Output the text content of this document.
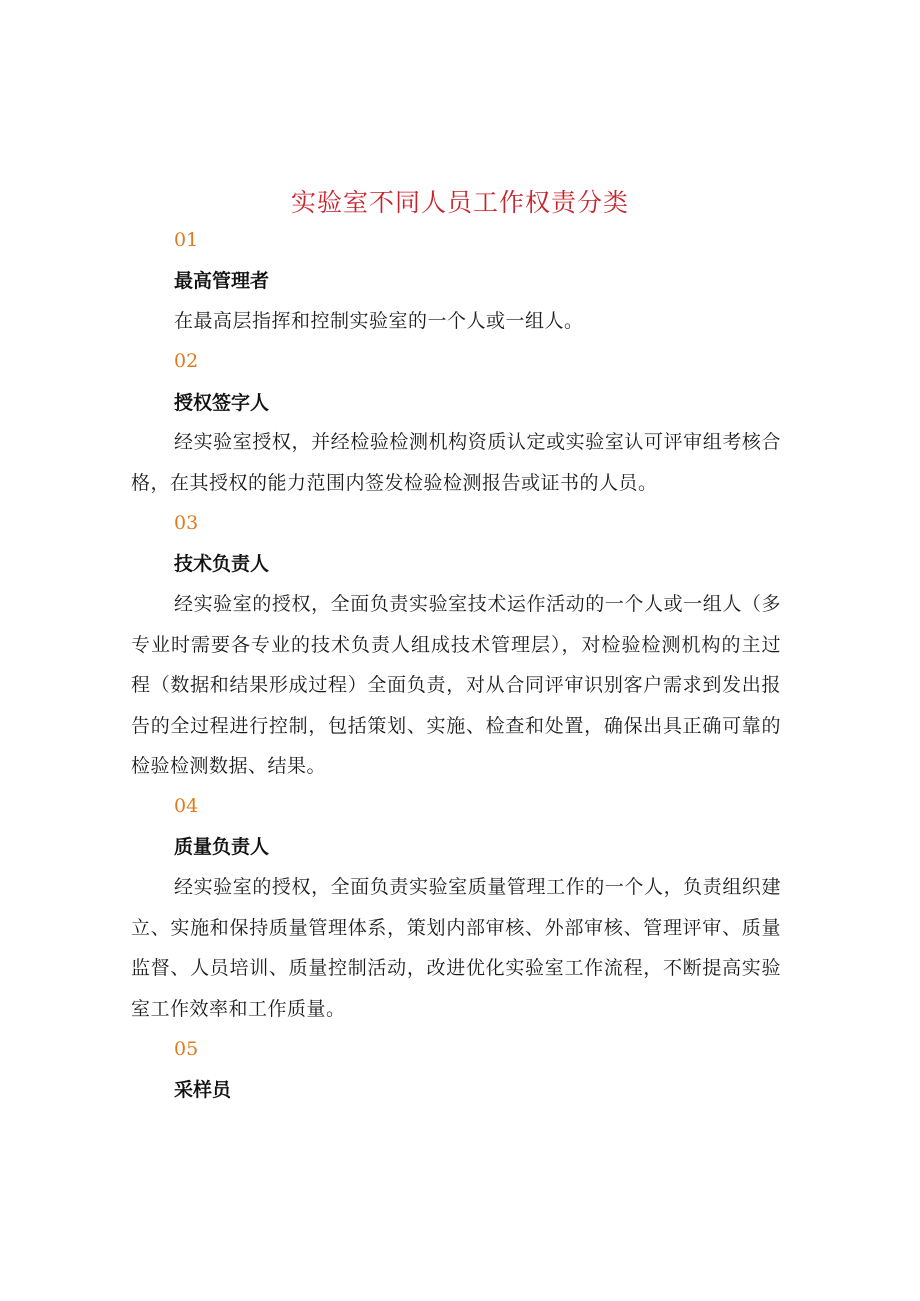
实验室不同人员工作权责分类
01
最高管理者
在最高层指挥和控制实验室的一个人或一组人。
02
授权签字人
经实验室授权，并经检验检测机构资质认定或实验室认可评审组考核合格，在其授权的能力范围内签发检验检测报告或证书的人员。
03
技术负责人
经实验室的授权，全面负责实验室技术运作活动的一个人或一组人（多专业时需要各专业的技术负责人组成技术管理层），对检验检测机构的主过程（数据和结果形成过程）全面负责，对从合同评审识别客户需求到发出报告的全过程进行控制，包括策划、实施、检查和处置，确保出具正确可靠的检验检测数据、结果。
04
质量负责人
经实验室的授权，全面负责实验室质量管理工作的一个人，负责组织建立、实施和保持质量管理体系，策划内部审核、外部审核、管理评审、质量监督、人员培训、质量控制活动，改进优化实验室工作流程，不断提高实验室工作效率和工作质量。
05
采样员
